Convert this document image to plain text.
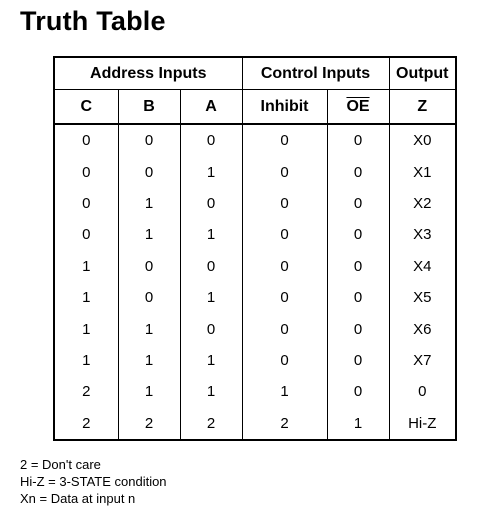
Truth Table
Address Inputs			Control Inputs		Output
C	B	A	Inhibit	$\overline{OE}$	Z
0	0	0	0	0	X0
0	0	1	0	0	X1
0	1	0	0	0	X2
0	1	1	0	0	X3
1	0	0	0	0	X4
1	0	1	0	0	X5
1	1	0	0	0	X6
1	1	1	0	0	X7
2	1	1	1	0	0
2	2	2	2	1	Hi-Z
2 = Don't care
Hi-Z = 3-STATE condition
Xn = Data at input n
